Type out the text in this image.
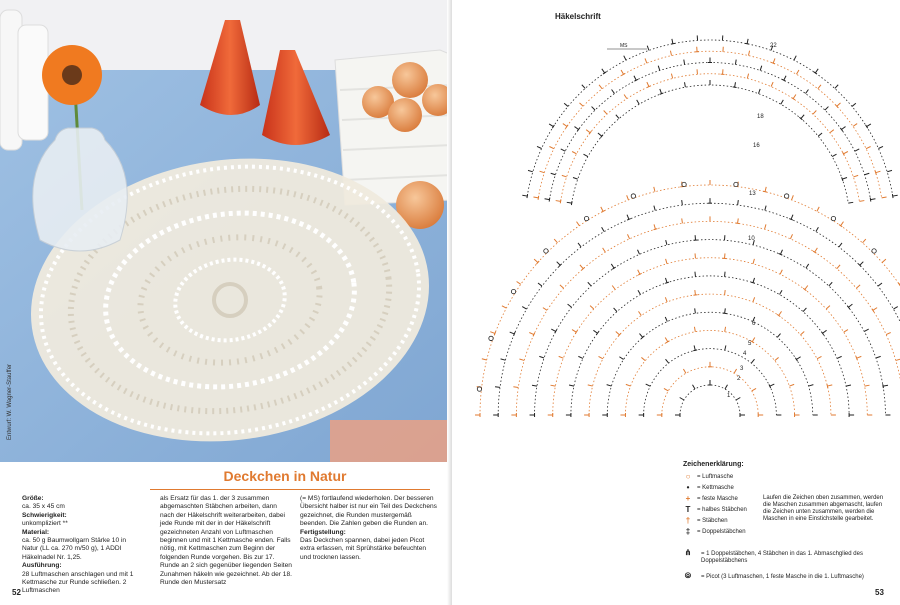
Entwurf: W. Wagner-Stauffer
Deckchen in Natur
Größe:
ca. 35 x 45 cm
Schwierigkeit:
unkompliziert **
Material:
ca. 50 g Baumwollgarn Stärke 10 in Natur (LL ca. 270 m/50 g), 1 ADDI Häkelnadel Nr. 1,25.
Ausführung:
28 Luftmaschen anschlagen und mit 1 Kettmasche zur Runde schließen. 2 Luftmaschen
als Ersatz für das 1. der 3 zusammen abgemaschten Stäbchen arbeiten, dann nach der Häkelschrift weiterarbeiten, dabei jede Runde mit der in der Häkelschrift gezeichneten Anzahl von Luftmaschen beginnen und mit 1 Kettmasche enden. Falls nötig, mit Kettmaschen zum Beginn der folgenden Runde vorgehen. Bis zur 17. Runde an 2 sich gegenüber liegenden Seiten Zunahmen häkeln wie gezeichnet. Ab der 18. Runde den Mustersatz
(= MS) fortlaufend wiederholen. Der besseren Übersicht halber ist nur ein Teil des Deckchens gezeichnet, die Runden mustergemäß beenden. Die Zahlen geben die Runden an.
Fertigstellung:
Das Deckchen spannen, dabei jeden Picot extra erfassen, mit Sprühstärke befeuchten und trocknen lassen.
52
Häkelschrift
22
18
16
13
10
6
5
4
3
2
1
MS
Zeichenerklärung:
○	= Luftmasche
•	= Kettmasche
+	= feste Masche
T	= halbes Stäbchen
†	= Stäbchen
‡	= Doppelstäbchen
Laufen die Zeichen oben zusammen, werden die Maschen zusammen abgemascht, laufen die Zeichen unten zusammen, werden die Maschen in eine Einstichstelle gearbeitet.
⋔ = 1 Doppelstäbchen, 4 Stäbchen in das 1. Abmaschglied des Doppelstäbchens
⦾ = Picot (3 Luftmaschen, 1 feste Masche in die 1. Luftmasche)
53
